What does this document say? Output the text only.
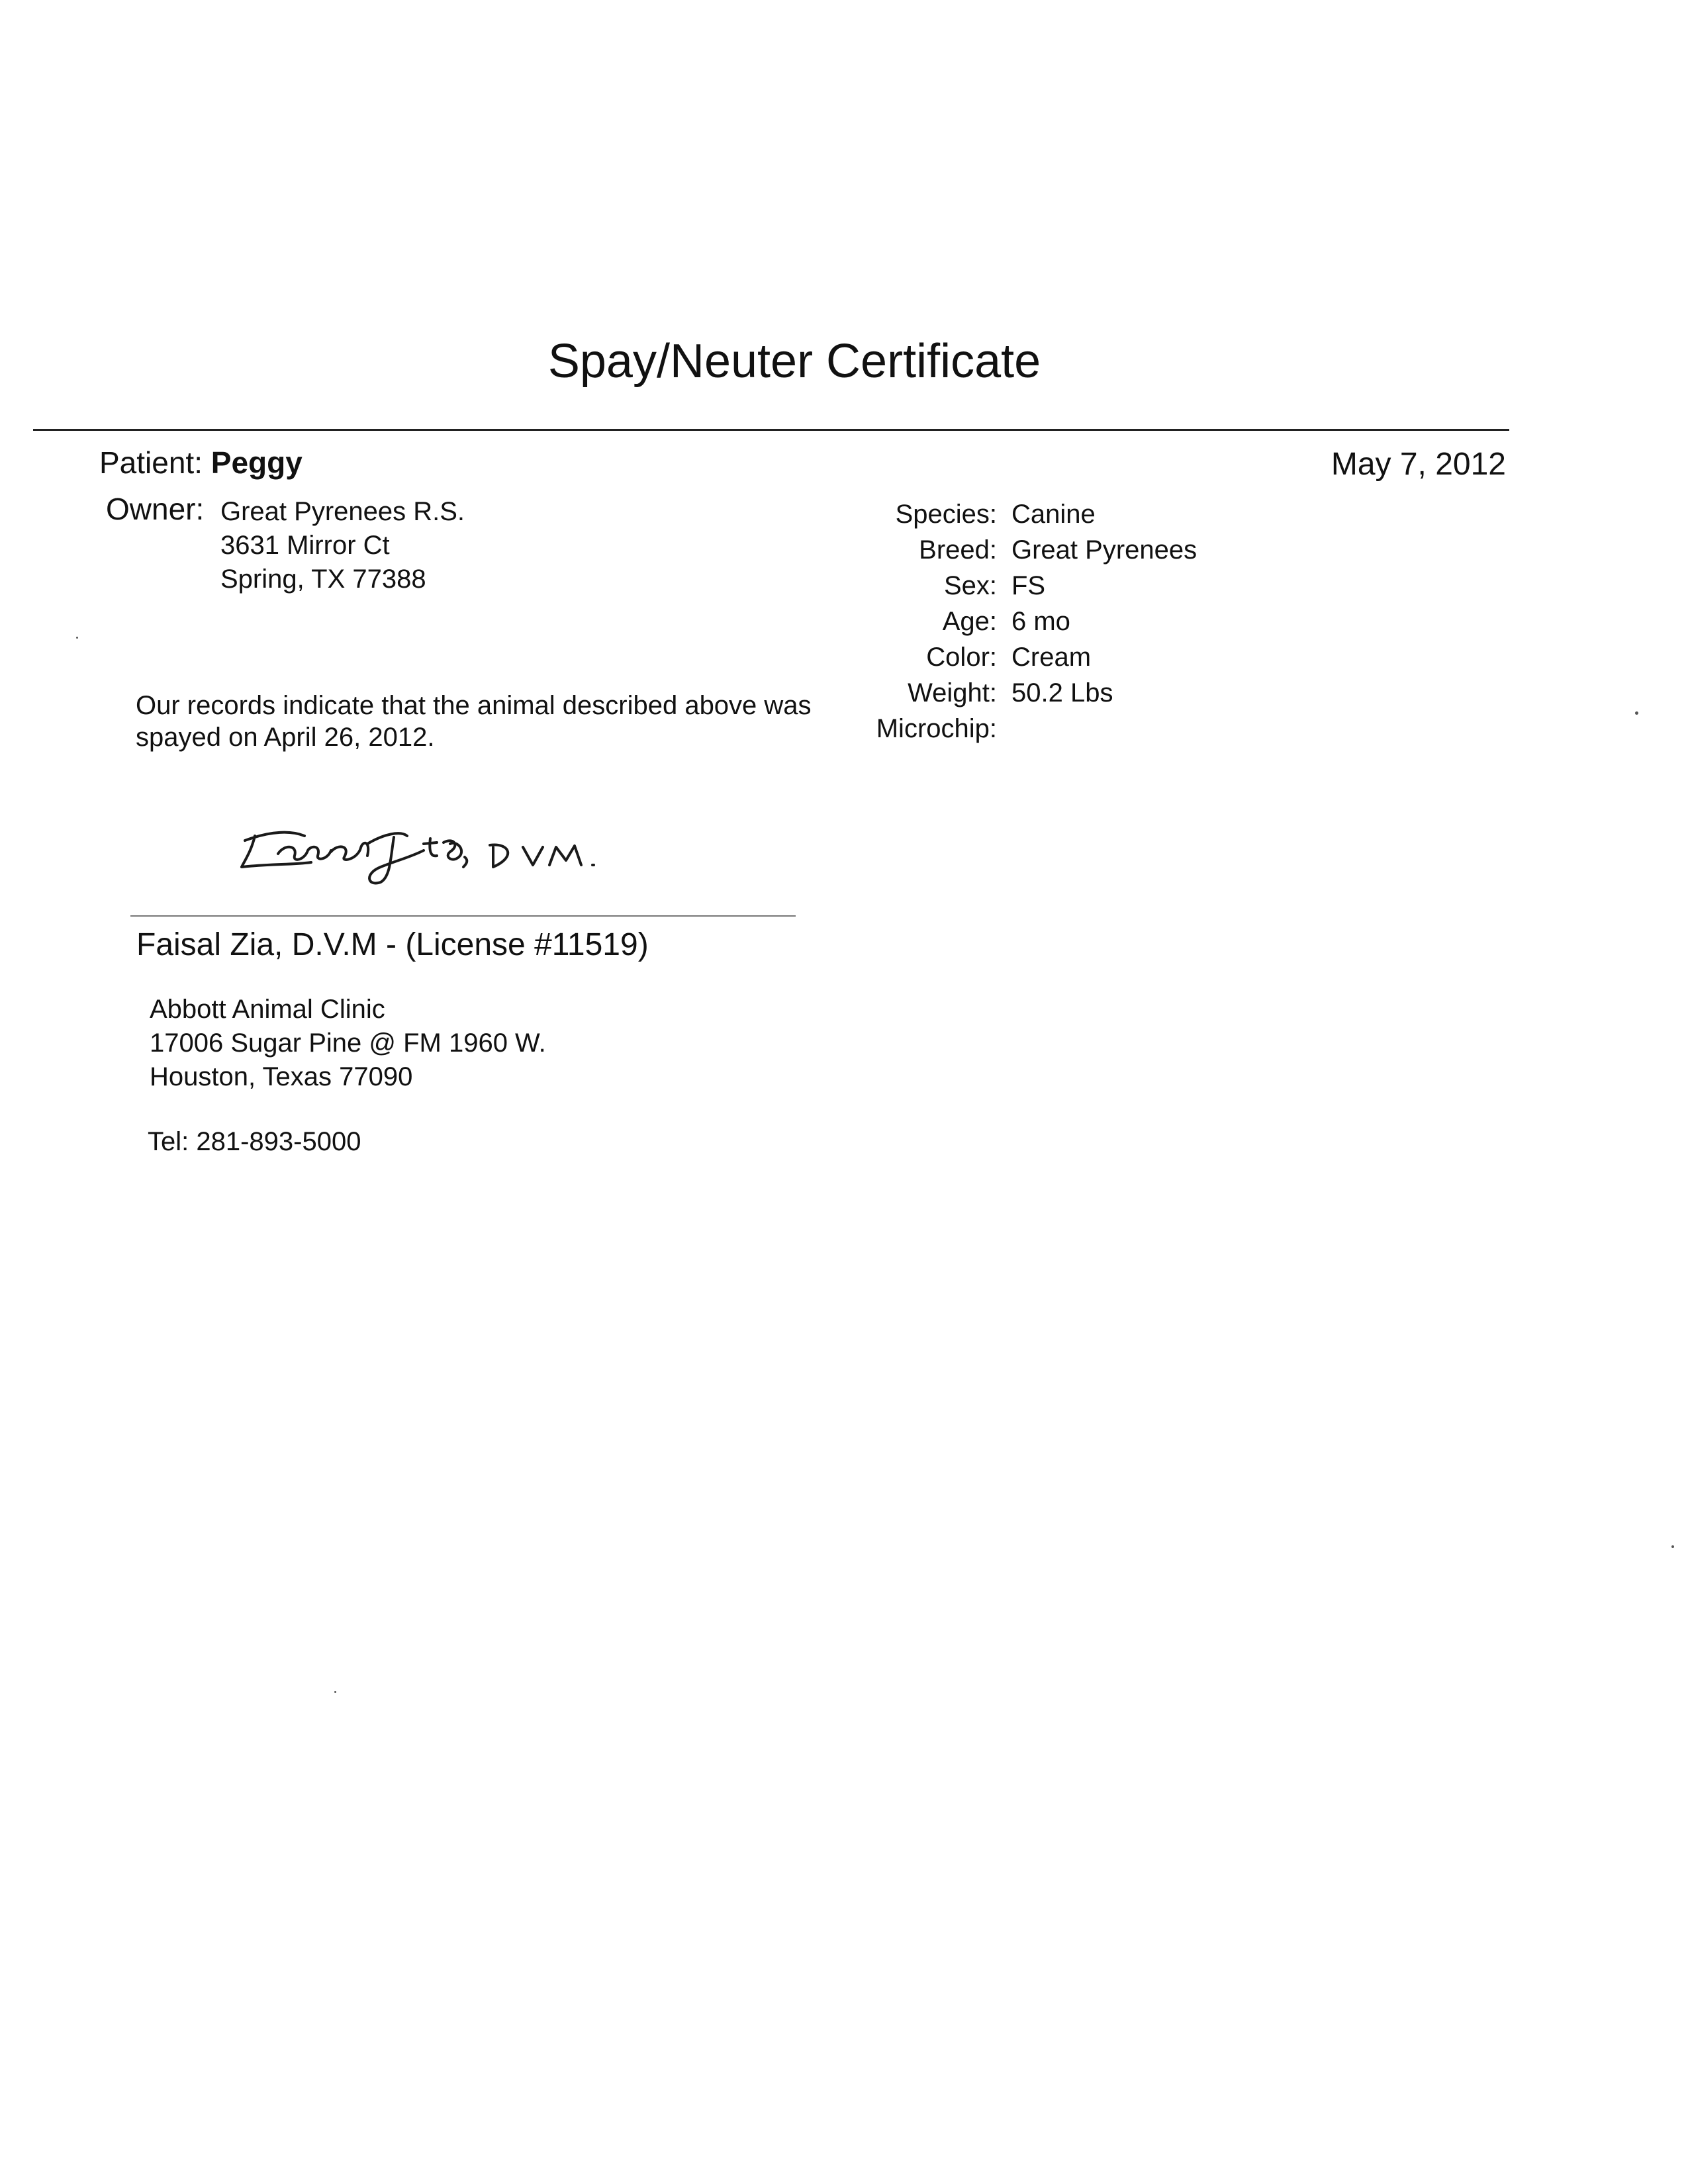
Spay/Neuter Certificate
Patient: Peggy	May 7, 2012
Owner: Great Pyrenees R.S.
3631 Mirror Ct
Spring, TX 77388
Species: Canine
Breed: Great Pyrenees
Sex: FS
Age: 6 mo
Color: Cream
Weight: 50.2 Lbs
Microchip:
Our records indicate that the animal described above was
spayed on April 26, 2012.
Faisal Zia, D.V.M - (License #11519)
Abbott Animal Clinic
17006 Sugar Pine @ FM 1960 W.
Houston, Texas 77090
Tel: 281-893-5000
